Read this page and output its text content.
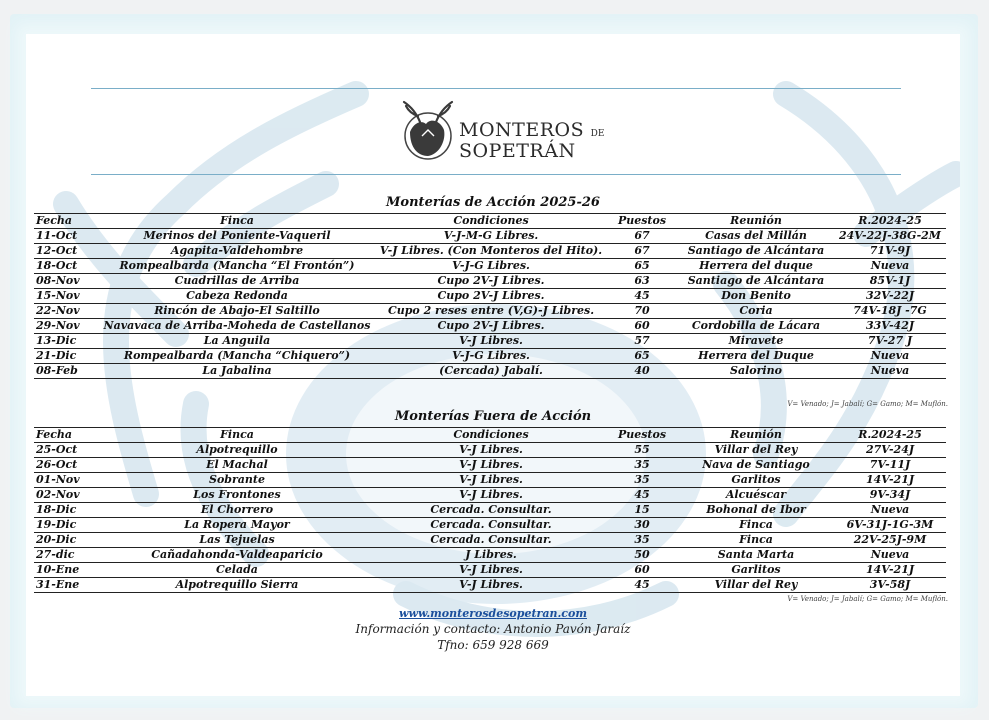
MONTEROS DE
SOPETRÁN
Monterías de Acción 2025-26
Fecha	Finca	Condiciones	Puestos	Reunión	R.2024-25
11-Oct	Merinos del Poniente-Vaqueril	V-J-M-G Libres.	67	Casas del Millán	24V-22J-38G-2M
12-Oct	Agapita-Valdehombre	V-J Libres. (Con Monteros del Hito).	67	Santiago de Alcántara	71V-9J
18-Oct	Rompealbarda (Mancha “El Frontón”)	V-J-G Libres.	65	Herrera del duque	Nueva
08-Nov	Cuadrillas de Arriba	Cupo 2V-J Libres.	63	Santiago de Alcántara	85V-1J
15-Nov	Cabeza Redonda	Cupo 2V-J Libres.	45	Don Benito	32V-22J
22-Nov	Rincón de Abajo-El Saltillo	Cupo 2 reses entre (V,G)-J Libres.	70	Coria	74V-18J -7G
29-Nov	Navavaca de Arriba-Moheda de Castellanos	Cupo 2V-J Libres.	60	Cordobilla de Lácara	33V-42J
13-Dic	La Anguila	V-J Libres.	57	Miravete	7V-27 J
21-Dic	Rompealbarda (Mancha “Chiquero”)	V-J-G Libres.	65	Herrera del Duque	Nueva
08-Feb	La Jabalina	(Cercada) Jabalí.	40	Salorino	Nueva
V= Venado; J= Jabalí; G= Gamo; M= Muflón.
Monterías Fuera de Acción
Fecha	Finca	Condiciones	Puestos	Reunión	R.2024-25
25-Oct	Alpotrequillo	V-J Libres.	55	Villar del Rey	27V-24J
26-Oct	El Machal	V-J Libres.	35	Nava de Santiago	7V-11J
01-Nov	Sobrante	V-J Libres.	35	Garlitos	14V-21J
02-Nov	Los Frontones	V-J Libres.	45	Alcuéscar	9V-34J
18-Dic	El Chorrero	Cercada. Consultar.	15	Bohonal de Ibor	Nueva
19-Dic	La Ropera Mayor	Cercada. Consultar.	30	Finca	6V-31J-1G-3M
20-Dic	Las Tejuelas	Cercada. Consultar.	35	Finca	22V-25J-9M
27-dic	Cañadahonda-Valdeaparicio	J Libres.	50	Santa Marta	Nueva
10-Ene	Celada	V-J Libres.	60	Garlitos	14V-21J
31-Ene	Alpotrequillo Sierra	V-J Libres.	45	Villar del Rey	3V-58J
V= Venado; J= Jabalí; G= Gamo; M= Muflón.
www.monterosdesopetran.com
Información y contacto: Antonio Pavón Jaraíz
Tfno: 659 928 669
